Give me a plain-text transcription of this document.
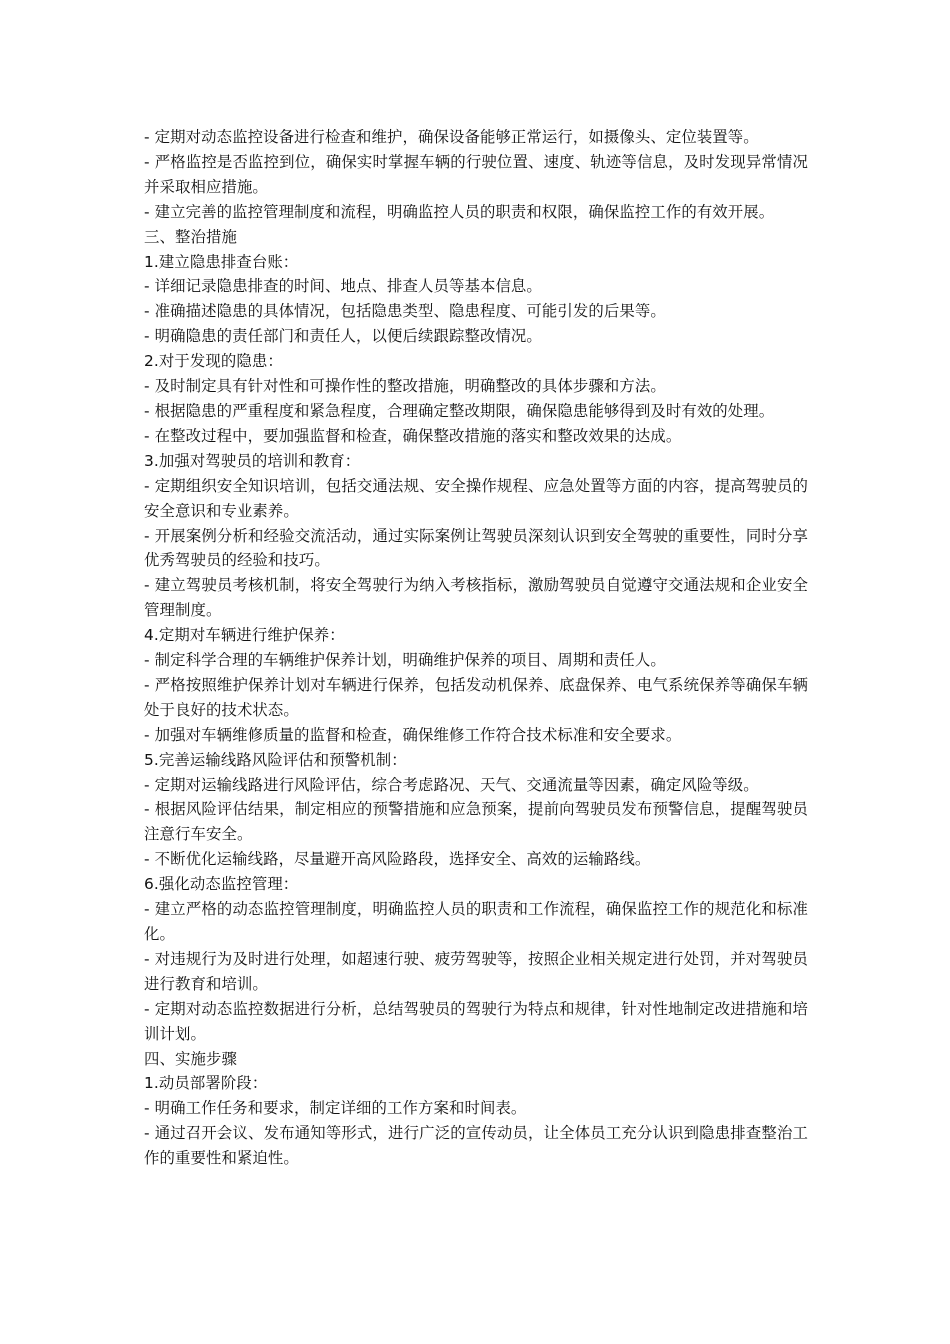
- 定期对动态监控设备进行检查和维护，确保设备能够正常运行，如摄像头、定位装置等。

- 严格监控是否监控到位，确保实时掌握车辆的行驶位置、速度、轨迹等信息，及时发现异常情况并采取相应措施。

- 建立完善的监控管理制度和流程，明确监控人员的职责和权限，确保监控工作的有效开展。

三、整治措施

1.建立隐患排查台账：

- 详细记录隐患排查的时间、地点、排查人员等基本信息。

- 准确描述隐患的具体情况，包括隐患类型、隐患程度、可能引发的后果等。

- 明确隐患的责任部门和责任人，以便后续跟踪整改情况。

2.对于发现的隐患：

- 及时制定具有针对性和可操作性的整改措施，明确整改的具体步骤和方法。

- 根据隐患的严重程度和紧急程度，合理确定整改期限，确保隐患能够得到及时有效的处理。

- 在整改过程中，要加强监督和检查，确保整改措施的落实和整改效果的达成。

3.加强对驾驶员的培训和教育：

- 定期组织安全知识培训，包括交通法规、安全操作规程、应急处置等方面的内容，提高驾驶员的安全意识和专业素养。

- 开展案例分析和经验交流活动，通过实际案例让驾驶员深刻认识到安全驾驶的重要性，同时分享优秀驾驶员的经验和技巧。

- 建立驾驶员考核机制，将安全驾驶行为纳入考核指标，激励驾驶员自觉遵守交通法规和企业安全管理制度。

4.定期对车辆进行维护保养：

- 制定科学合理的车辆维护保养计划，明确维护保养的项目、周期和责任人。

- 严格按照维护保养计划对车辆进行保养，包括发动机保养、底盘保养、电气系统保养等确保车辆处于良好的技术状态。

- 加强对车辆维修质量的监督和检查，确保维修工作符合技术标准和安全要求。

5.完善运输线路风险评估和预警机制：

- 定期对运输线路进行风险评估，综合考虑路况、天气、交通流量等因素，确定风险等级。

- 根据风险评估结果，制定相应的预警措施和应急预案，提前向驾驶员发布预警信息，提醒驾驶员注意行车安全。

- 不断优化运输线路，尽量避开高风险路段，选择安全、高效的运输路线。

6.强化动态监控管理：

- 建立严格的动态监控管理制度，明确监控人员的职责和工作流程，确保监控工作的规范化和标准化。

- 对违规行为及时进行处理，如超速行驶、疲劳驾驶等，按照企业相关规定进行处罚，并对驾驶员进行教育和培训。

- 定期对动态监控数据进行分析，总结驾驶员的驾驶行为特点和规律，针对性地制定改进措施和培训计划。

四、实施步骤

1.动员部署阶段：

- 明确工作任务和要求，制定详细的工作方案和时间表。

- 通过召开会议、发布通知等形式，进行广泛的宣传动员，让全体员工充分认识到隐患排查整治工作的重要性和紧迫性。
